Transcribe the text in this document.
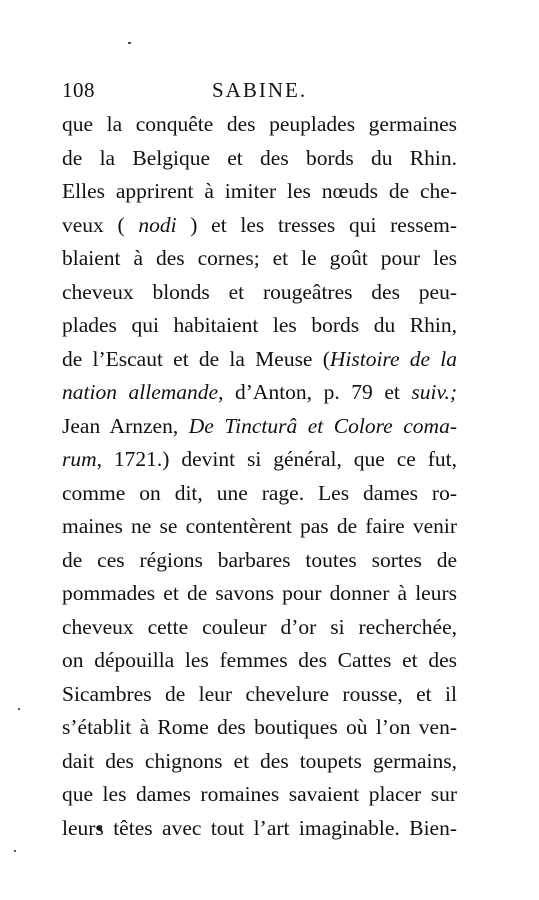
108	SABINE.
que la conquête des peuplades germaines
de la Belgique et des bords du Rhin.
Elles apprirent à imiter les nœuds de che-
veux ( nodi ) et les tresses qui ressem-
blaient à des cornes; et le goût pour les
cheveux blonds et rougeâtres des peu-
plades qui habitaient les bords du Rhin,
de l’Escaut et de la Meuse (Histoire de la
nation allemande, d’Anton, p. 79 et suiv.;
Jean Arnzen, De Tincturâ et Colore coma-
rum, 1721.) devint si général, que ce fut,
comme on dit, une rage. Les dames ro-
maines ne se contentèrent pas de faire venir
de ces régions barbares toutes sortes de
pommades et de savons pour donner à leurs
cheveux cette couleur d’or si recherchée,
on dépouilla les femmes des Cattes et des
Sicambres de leur chevelure rousse, et il
s’établit à Rome des boutiques où l’on ven-
dait des chignons et des toupets germains,
que les dames romaines savaient placer sur
leurs têtes avec tout l’art imaginable. Bien-
